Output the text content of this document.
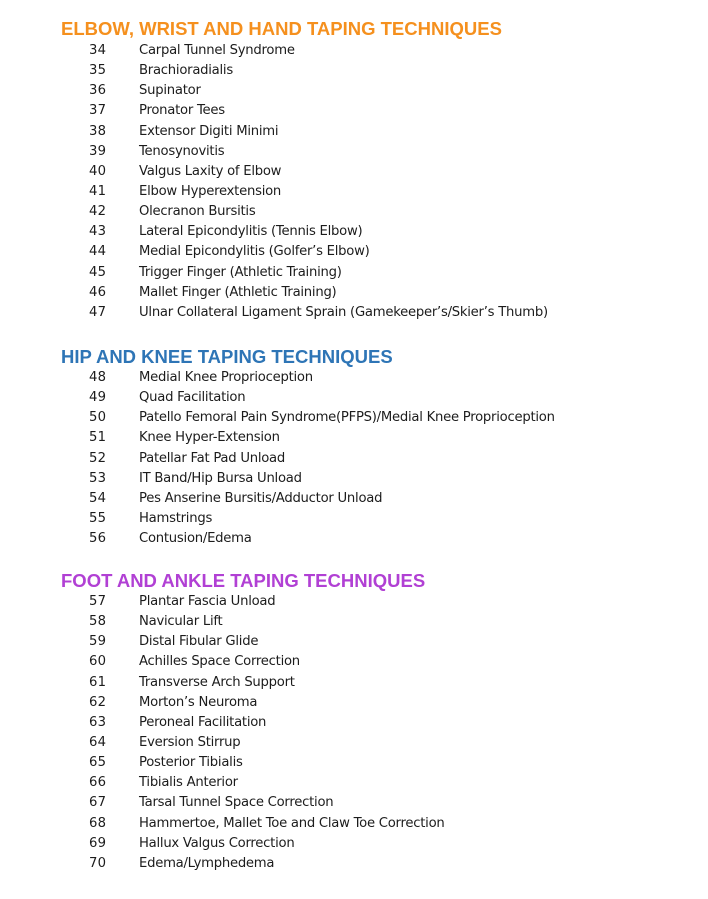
ELBOW, WRIST AND HAND TAPING TECHNIQUES
34 Carpal Tunnel Syndrome
35 Brachioradialis
36 Supinator
37 Pronator Tees
38 Extensor Digiti Minimi
39 Tenosynovitis
40 Valgus Laxity of Elbow
41 Elbow Hyperextension
42 Olecranon Bursitis
43 Lateral Epicondylitis (Tennis Elbow)
44 Medial Epicondylitis (Golfer’s Elbow)
45 Trigger Finger (Athletic Training)
46 Mallet Finger (Athletic Training)
47 Ulnar Collateral Ligament Sprain (Gamekeeper’s/Skier’s Thumb)
HIP AND KNEE TAPING TECHNIQUES
48 Medial Knee Proprioception
49 Quad Facilitation
50 Patello Femoral Pain Syndrome(PFPS)/Medial Knee Proprioception
51 Knee Hyper-Extension
52 Patellar Fat Pad Unload
53 IT Band/Hip Bursa Unload
54 Pes Anserine Bursitis/Adductor Unload
55 Hamstrings
56 Contusion/Edema
FOOT AND ANKLE TAPING TECHNIQUES
57 Plantar Fascia Unload
58 Navicular Lift
59 Distal Fibular Glide
60 Achilles Space Correction
61 Transverse Arch Support
62 Morton’s Neuroma
63 Peroneal Facilitation
64 Eversion Stirrup
65 Posterior Tibialis
66 Tibialis Anterior
67 Tarsal Tunnel Space Correction
68 Hammertoe, Mallet Toe and Claw Toe Correction
69 Hallux Valgus Correction
70 Edema/Lymphedema
